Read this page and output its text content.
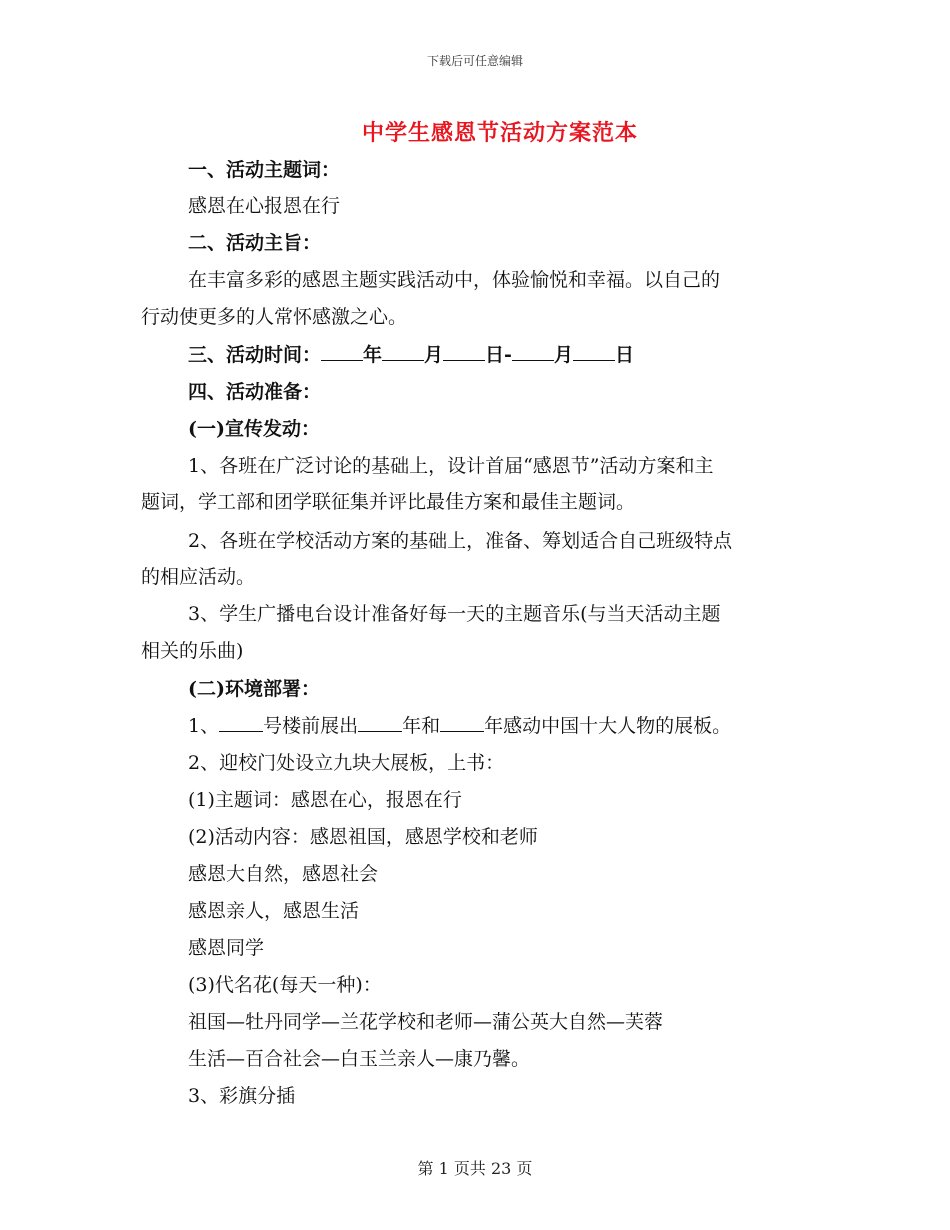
下载后可任意编辑
中学生感恩节活动方案范本
一、活动主题词：
感恩在心报恩在行
二、活动主旨：
在丰富多彩的感恩主题实践活动中，体验愉悦和幸福。以自己的
行动使更多的人常怀感激之心。
三、活动时间： 年 月 日- 月 日
四、活动准备：
(一)宣传发动：
1、各班在广泛讨论的基础上，设计首届“感恩节”活动方案和主
题词，学工部和团学联征集并评比最佳方案和最佳主题词。
2、各班在学校活动方案的基础上，准备、筹划适合自己班级特点
的相应活动。
3、学生广播电台设计准备好每一天的主题音乐(与当天活动主题
相关的乐曲)
(二)环境部署：
1、 号楼前展出 年和 年感动中国十大人物的展板。
2、迎校门处设立九块大展板，上书：
(1)主题词：感恩在心，报恩在行
(2)活动内容：感恩祖国，感恩学校和老师
感恩大自然，感恩社会
感恩亲人，感恩生活
感恩同学
(3)代名花(每天一种)：
祖国—牡丹同学—兰花学校和老师—蒲公英大自然—芙蓉
生活—百合社会—白玉兰亲人—康乃馨。
3、彩旗分插
第 1 页共 23 页
